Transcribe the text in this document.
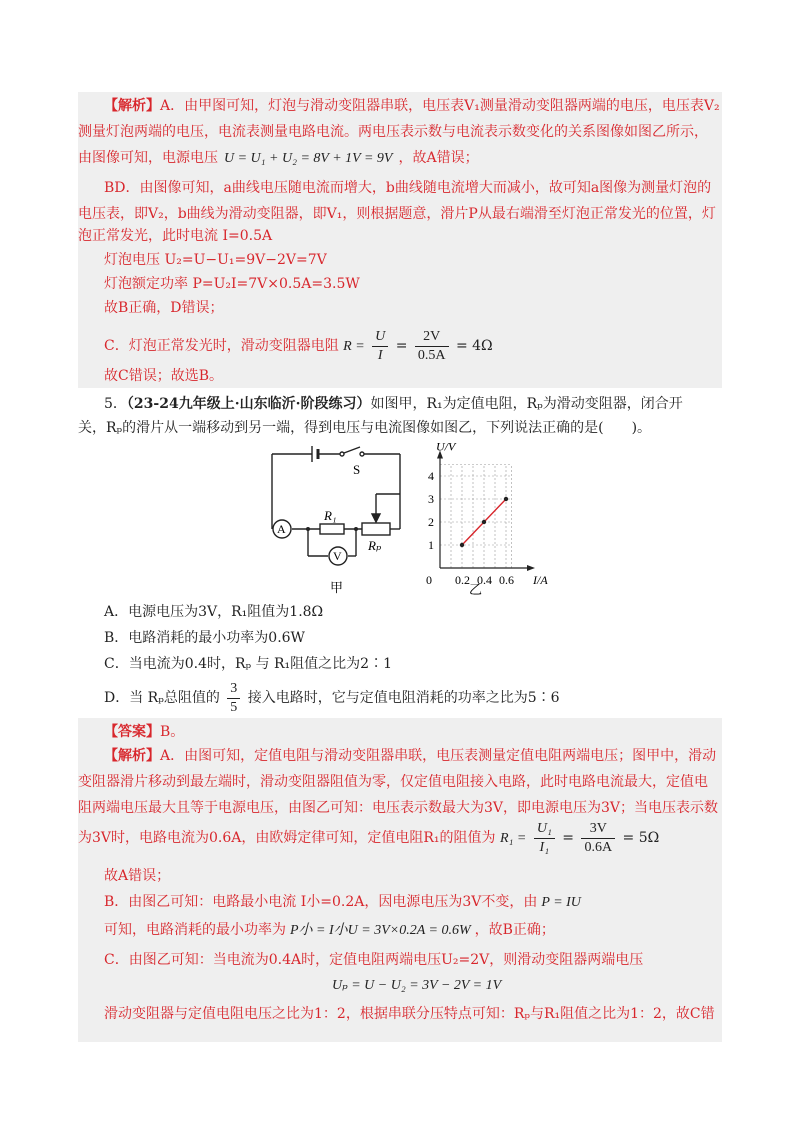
【解析】A．由甲图可知，灯泡与滑动变阻器串联，电压表V₁测量滑动变阻器两端的电压，电压表V₂
测量灯泡两端的电压，电流表测量电路电流。两电压表示数与电流表示数变化的关系图像如图乙所示，
由图像可知，电源电压 U = U₁ + U₂ = 8V + 1V = 9V ，故A错误；
BD．由图像可知，a曲线电压随电流而增大，b曲线随电流增大而减小，故可知a图像为测量灯泡的
电压表，即V₂，b曲线为滑动变阻器，即V₁，则根据题意，滑片P从最右端滑至灯泡正常发光的位置，灯
泡正常发光，此时电流 I=0.5A
灯泡电压 U₂=U−U₁=9V−2V=7V
灯泡额定功率 P=U₂I=7V×0.5A=3.5W
故B正确，D错误；
C．灯泡正常发光时，滑动变阻器电阻 $R = \frac{U}{I} = \frac{2V}{0.5A} = 4\Omega$
故C错误；故选B。
5．（23-24九年级上·山东临沂·阶段练习）如图甲，R₁为定值电阻，Rₚ为滑动变阻器，闭合开
关，Rₚ的滑片从一端移动到另一端，得到电压与电流图像如图乙，下列说法正确的是(　　)。
A
V
S
R₁
Rₚ
甲	0 0.2 0.4 0.6
1
2
3
4
I/A
U/V
乙
A．电源电压为3V，R₁阻值为1.8Ω
B．电路消耗的最小功率为0.6W
C．当电流为0.4时，Rₚ 与 R₁阻值之比为2∶1
D．当 Rₚ总阻值的 $\frac{3}{5}$ 接入电路时，它与定值电阻消耗的功率之比为5∶6
【答案】B。
【解析】A．由图可知，定值电阻与滑动变阻器串联，电压表测量定值电阻两端电压；图甲中，滑动
变阻器滑片移动到最左端时，滑动变阻器阻值为零，仅定值电阻接入电路，此时电路电流最大，定值电
阻两端电压最大且等于电源电压，由图乙可知：电压表示数最大为3V，即电源电压为3V；当电压表示数
为3V时，电路电流为0.6A，由欧姆定律可知，定值电阻R₁的阻值为 $R_1 = \frac{\text{U₁}}{\text{I₁}} = \frac{3V}{0.6A} = 5\Omega$
故A错误；
B．由图乙可知：电路最小电流 I小=0.2A，因电源电压为3V不变，由 P = IU
可知，电路消耗的最小功率为 P小 = I小U = 3V×0.2A = 0.6W ，故B正确；
C．由图乙可知：当电流为0.4A时，定值电阻两端电压U₂=2V，则滑动变阻器两端电压
Uₚ = U − U₂ = 3V − 2V = 1V
滑动变阻器与定值电阻电压之比为1：2，根据串联分压特点可知：Rₚ与R₁阻值之比为1：2，故C错
